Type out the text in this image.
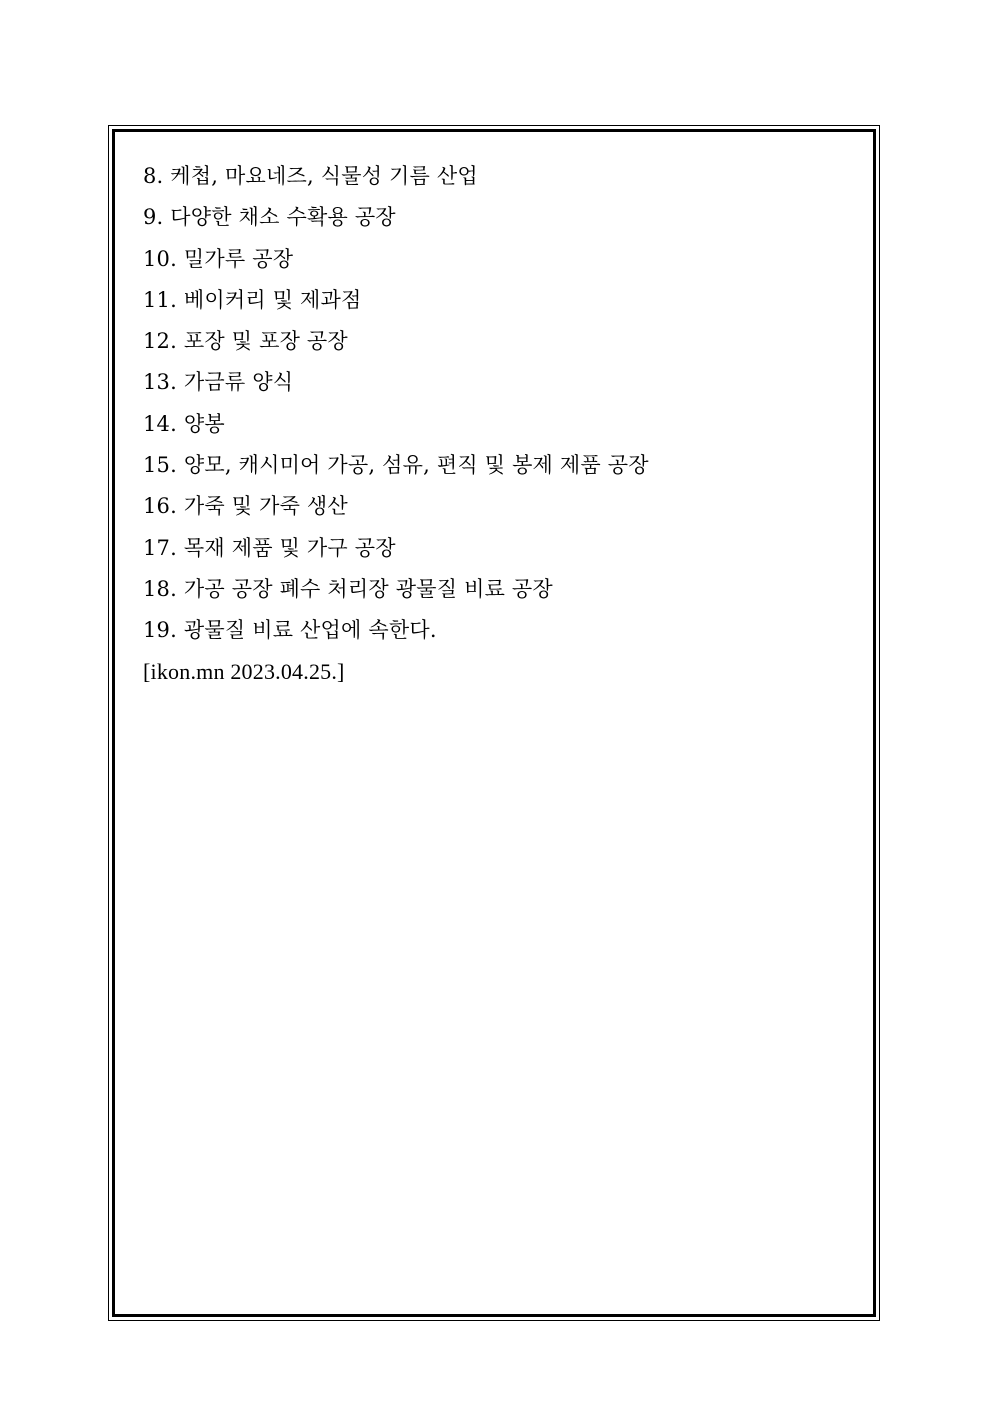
8. 케첩, 마요네즈, 식물성 기름 산업
9. 다양한 채소 수확용 공장
10. 밀가루 공장
11. 베이커리 및 제과점
12. 포장 및 포장 공장
13. 가금류 양식
14. 양봉
15. 양모, 캐시미어 가공, 섬유, 편직 및 봉제 제품 공장
16. 가죽 및 가죽 생산
17. 목재 제품 및 가구 공장
18. 가공 공장 폐수 처리장 광물질 비료 공장
19. 광물질 비료 산업에 속한다.
[ikon.mn 2023.04.25.]
